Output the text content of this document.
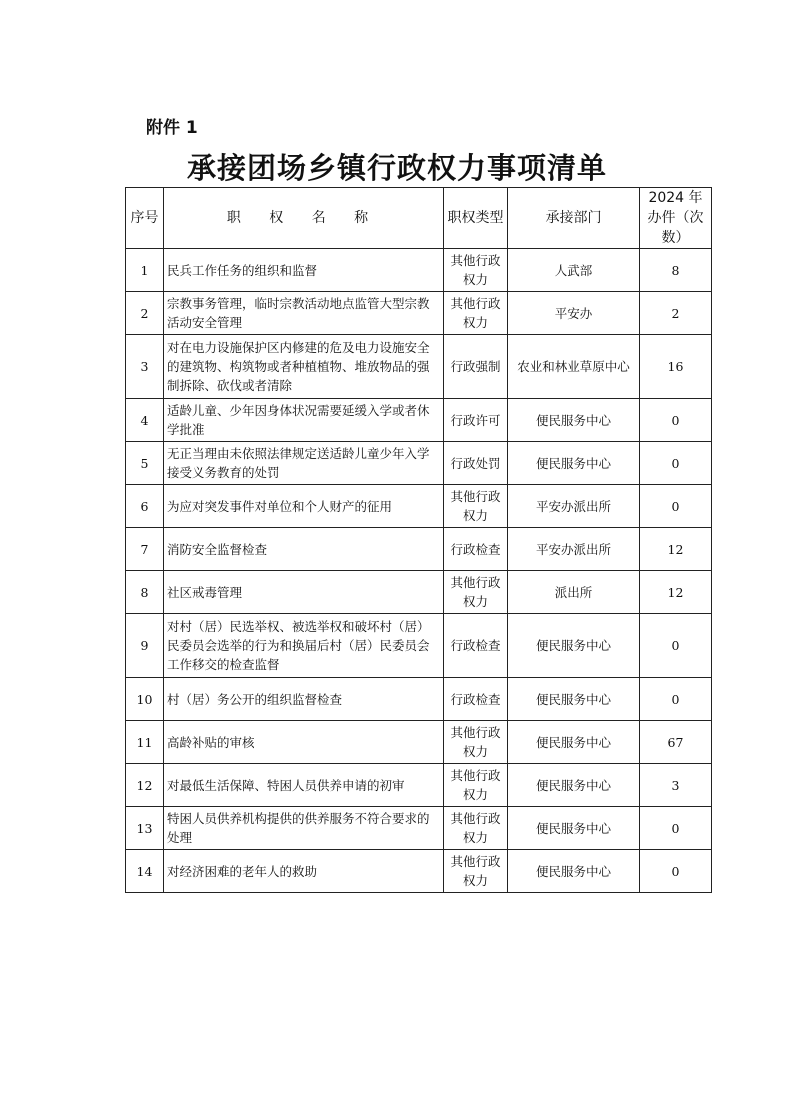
附件 1
承接团场乡镇行政权力事项清单
序号	职 权 名 称	职权类型	承接部门	2024 年办件（次数）
1	民兵工作任务的组织和监督	其他行政权力	人武部	8
2	宗教事务管理，临时宗教活动地点监管大型宗教活动安全管理	其他行政权力	平安办	2
3	对在电力设施保护区内修建的危及电力设施安全的建筑物、构筑物或者种植植物、堆放物品的强制拆除、砍伐或者清除	行政强制	农业和林业草原中心	16
4	适龄儿童、少年因身体状况需要延缓入学或者休学批准	行政许可	便民服务中心	0
5	无正当理由未依照法律规定送适龄儿童少年入学接受义务教育的处罚	行政处罚	便民服务中心	0
6	为应对突发事件对单位和个人财产的征用	其他行政权力	平安办派出所	0
7	消防安全监督检查	行政检查	平安办派出所	12
8	社区戒毒管理	其他行政权力	派出所	12
9	对村（居）民选举权、被选举权和破坏村（居）民委员会选举的行为和换届后村（居）民委员会工作移交的检查监督	行政检查	便民服务中心	0
10	村（居）务公开的组织监督检查	行政检查	便民服务中心	0
11	高龄补贴的审核	其他行政权力	便民服务中心	67
12	对最低生活保障、特困人员供养申请的初审	其他行政权力	便民服务中心	3
13	特困人员供养机构提供的供养服务不符合要求的处理	其他行政权力	便民服务中心	0
14	对经济困难的老年人的救助	其他行政权力	便民服务中心	0
